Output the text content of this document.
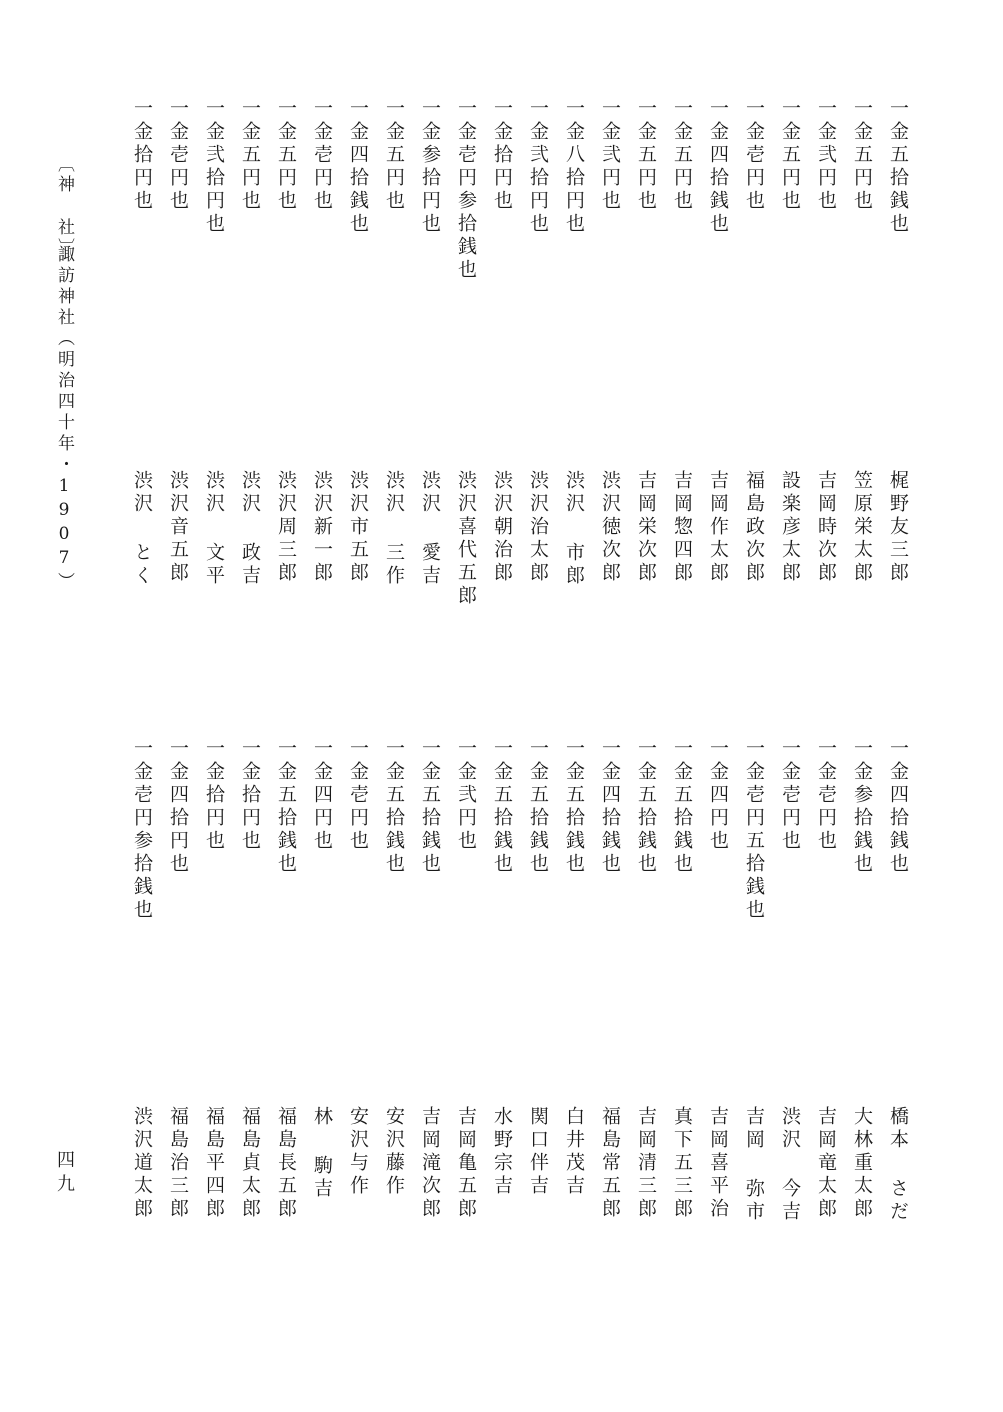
一金五拾銭也
一金五円也
一金弐円也
一金五円也
一金壱円也
一金四拾銭也
一金五円也
一金五円也
一金弐円也
一金八拾円也
一金弐拾円也
一金拾円也
一金壱円参拾銭也
一金参拾円也
一金五円也
一金四拾銭也
一金壱円也
一金五円也
一金五円也
一金弐拾円也
一金壱円也
一金拾円也
梶野友三郎
笠原栄太郎
吉岡時次郎
設楽彦太郎
福島政次郎
吉岡作太郎
吉岡惣四郎
吉岡栄次郎
渋沢徳次郎
渋沢 市郎
渋沢治太郎
渋沢朝治郎
渋沢喜代五郎
渋沢 愛吉
渋沢 三作
渋沢市五郎
渋沢新一郎
渋沢周三郎
渋沢 政吉
渋沢 文平
渋沢音五郎
渋沢 とく
一金四拾銭也
一金参拾銭也
一金壱円也
一金壱円也
一金壱円五拾銭也
一金四円也
一金五拾銭也
一金五拾銭也
一金四拾銭也
一金五拾銭也
一金五拾銭也
一金五拾銭也
一金弐円也
一金五拾銭也
一金五拾銭也
一金壱円也
一金四円也
一金五拾銭也
一金拾円也
一金拾円也
一金四拾円也
一金壱円参拾銭也
橋本 さだ
大林重太郎
吉岡竜太郎
渋沢 今吉
吉岡 弥市
吉岡喜平治
真下五三郎
吉岡清三郎
福島常五郎
白井茂吉
関口伴吉
水野宗吉
吉岡亀五郎
吉岡滝次郎
安沢藤作
安沢与作
林 駒吉
福島長五郎
福島貞太郎
福島平四郎
福島治三郎
渋沢道太郎
〔神 社〕
諏訪神社（明治四十年・1907）
四九
